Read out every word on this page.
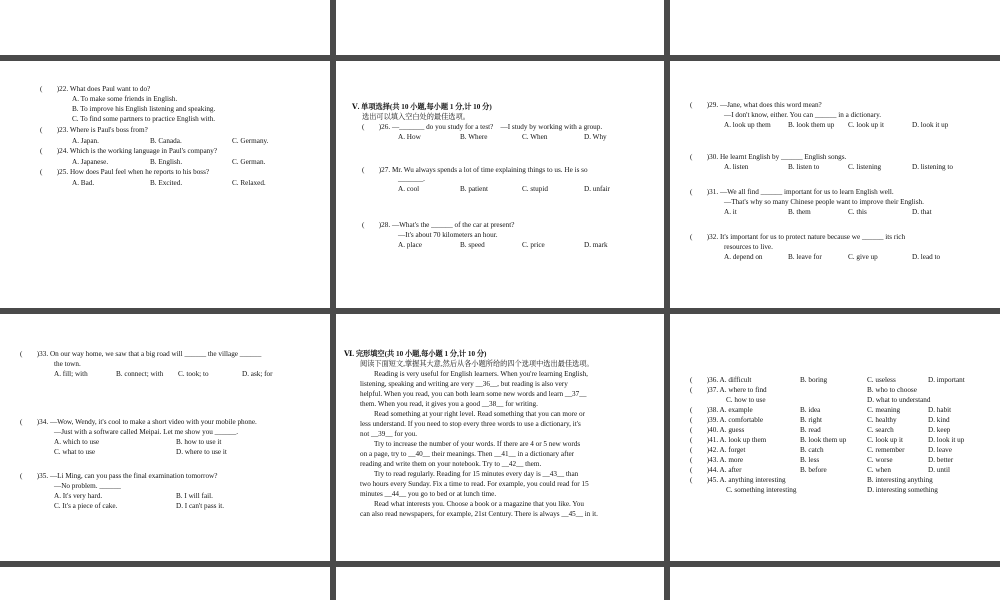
(　　)22. What does Paul want to do?
A. To make some friends in English.
B. To improve his English listening and speaking.
C. To find some partners to practice English with.
(　　)23. Where is Paul's boss from?
A. Japan.	B. Canada.	C. Germany.
(　　)24. Which is the working language in Paul's company?
A. Japanese.	B. English.	C. German.
(　　)25. How does Paul feel when he reports to his boss?
A. Bad.	B. Excited.	C. Relaxed.
Ⅴ. 单项选择(共 10 小题,每小题 1 分,计 10 分)
选出可以填入空白处的最佳选项。
(　　)26. —_______ do you study for a test?　—I study by working with a group.
A. How	B. Where	C. When	D. Why
(　　)27. Mr. Wu always spends a lot of time explaining things to us. He is so
_______.
A. cool	B. patient	C. stupid	D. unfair
(　　)28. —What's the ______ of the car at present?
—It's about 70 kilometers an hour.
A. place	B. speed	C. price	D. mark
(　　)29. —Jane, what does this word mean?
—I don't know, either. You can ______ in a dictionary.
A. look up them B. look them up C. look up it	D. look it up
(　　)30. He learnt English by ______ English songs.
A. listen	B. listen to	C. listening	D. listening to
(　　)31. —We all find ______ important for us to learn English well.
—That's why so many Chinese people want to improve their English.
A. it	B. them	C. this	D. that
(　　)32. It's important for us to protect nature because we ______ its rich
resources to live.
A. depend on	B. leave for	C. give up	D. lead to
(　　)33. On our way home, we saw that a big road will ______ the village ______
the town.
A. fill; with	B. connect; with C. took; to	D. ask; for
(　　)34. —Wow, Wendy, it's cool to make a short video with your mobile phone.
—Just with a software called Meipai. Let me show you ______.
A. which to use	B. how to use it
C. what to use	D. where to use it
(　　)35. —Li Ming, can you pass the final examination tomorrow?
—No problem. ______
A. It's very hard.	B. I will fail.
C. It's a piece of cake.	D. I can't pass it.
Ⅵ. 完形填空(共 10 小题,每小题 1 分,计 10 分)
阅读下面短文,掌握其大意,然后从各小题所给的四个选项中选出最佳选项。
Reading is very useful for English learners. When you're learning English,
listening, speaking and writing are very __36__, but reading is also very
helpful. When you read, you can both learn some new words and learn __37__
them. When you read, it gives you a good __38__ for writing.
Read something at your right level. Read something that you can more or
less understand. If you need to stop every three words to use a dictionary, it's
not __39__ for you.
Try to increase the number of your words. If there are 4 or 5 new words
on a page, try to __40__ their meanings. Then __41__ in a dictionary after
reading and write them on your notebook. Try to __42__ them.
Try to read regularly. Reading for 15 minutes every day is __43__ than
two hours every Sunday. Fix a time to read. For example, you could read for 15
minutes __44__ you go to bed or at lunch time.
Read what interests you. Choose a book or a magazine that you like. You
can also read newspapers, for example, 21st Century. There is always __45__ in it.
(　　)36. A. difficult	B. boring	C. useless	D. important
(　　)37. A. where to find	B. who to choose
C. how to use	D. what to understand
(　　)38. A. example	B. idea	C. meaning	D. habit
(　　)39. A. comfortable	B. right	C. healthy	D. kind
(　　)40. A. guess	B. read	C. search	D. keep
(　　)41. A. look up them	B. look them up	C. look up it	D. look it up
(　　)42. A. forget	B. catch	C. remember	D. leave
(　　)43. A. more	B. less	C. worse	D. better
(　　)44. A. after	B. before	C. when	D. until
(　　)45. A. anything interesting	B. interesting anything
C. something interesting	D. interesting something
